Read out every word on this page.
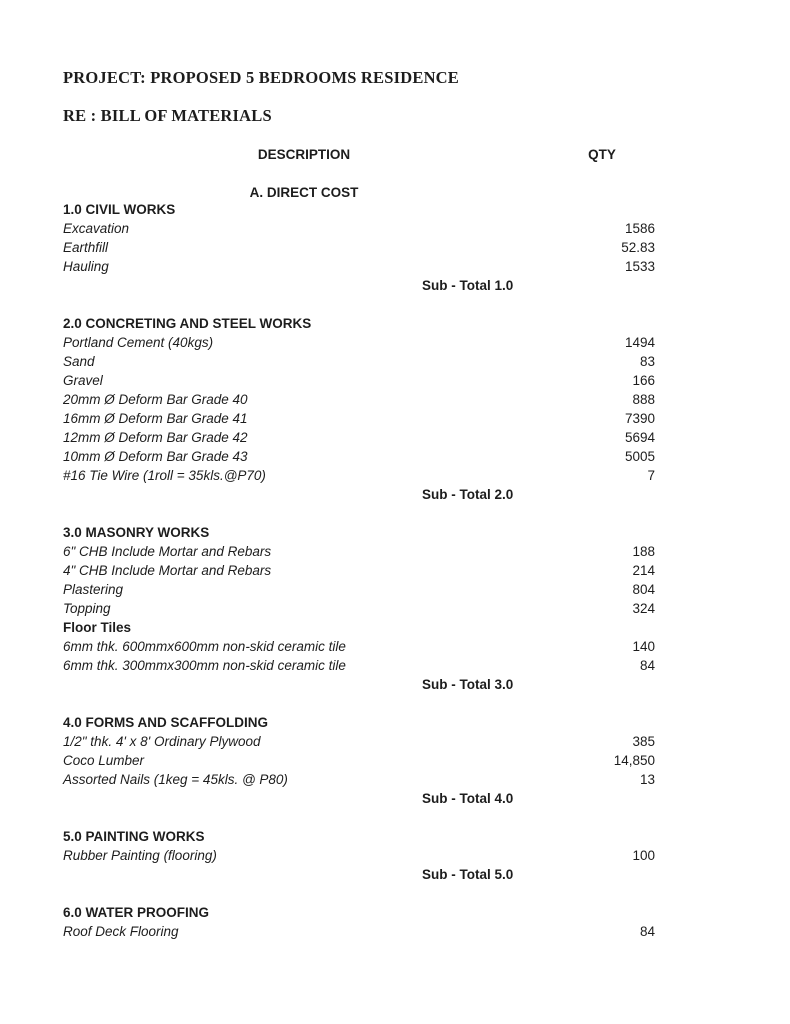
PROJECT: PROPOSED 5 BEDROOMS RESIDENCE
RE : BILL OF MATERIALS
DESCRIPTION	QTY
A. DIRECT COST
1.0 CIVIL WORKS
Excavation	1586
Earthfill	52.83
Hauling	1533
Sub - Total 1.0
2.0 CONCRETING AND STEEL WORKS
Portland Cement (40kgs)	1494
Sand	83
Gravel	166
20mm Ø Deform Bar Grade 40	888
16mm Ø Deform Bar Grade 41	7390
12mm Ø Deform Bar Grade 42	5694
10mm Ø Deform Bar Grade 43	5005
#16 Tie Wire (1roll = 35kls.@P70)	7
Sub - Total 2.0
3.0 MASONRY WORKS
6" CHB Include Mortar and Rebars	188
4" CHB Include Mortar and Rebars	214
Plastering	804
Topping	324
Floor Tiles
6mm thk. 600mmx600mm non-skid ceramic tile	140
6mm thk. 300mmx300mm non-skid ceramic tile	84
Sub - Total 3.0
4.0 FORMS AND SCAFFOLDING
1/2" thk. 4' x 8' Ordinary Plywood	385
Coco Lumber	14,850
Assorted Nails (1keg = 45kls. @ P80)	13
Sub - Total 4.0
5.0 PAINTING WORKS
Rubber Painting (flooring)	100
Sub - Total 5.0
6.0 WATER PROOFING
Roof Deck Flooring	84
